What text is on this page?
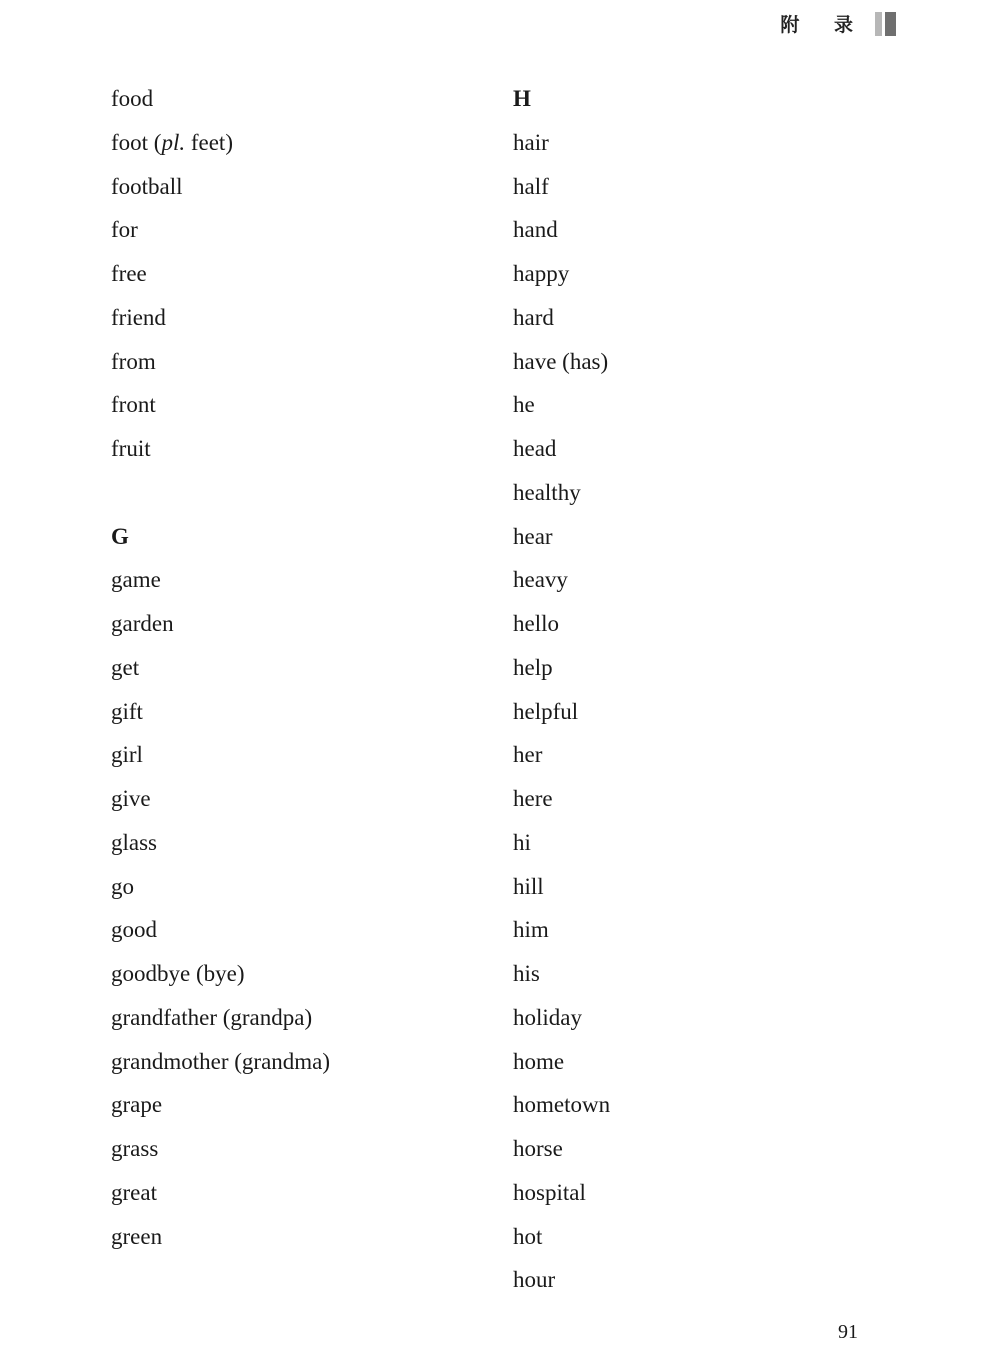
附 录
food
foot (pl. feet)
football
for
free
friend
from
front
fruit
G
game
garden
get
gift
girl
give
glass
go
good
goodbye (bye)
grandfather (grandpa)
grandmother (grandma)
grape
grass
great
green
H
hair
half
hand
happy
hard
have (has)
he
head
healthy
hear
heavy
hello
help
helpful
her
here
hi
hill
him
his
holiday
home
hometown
horse
hospital
hot
hour
91
